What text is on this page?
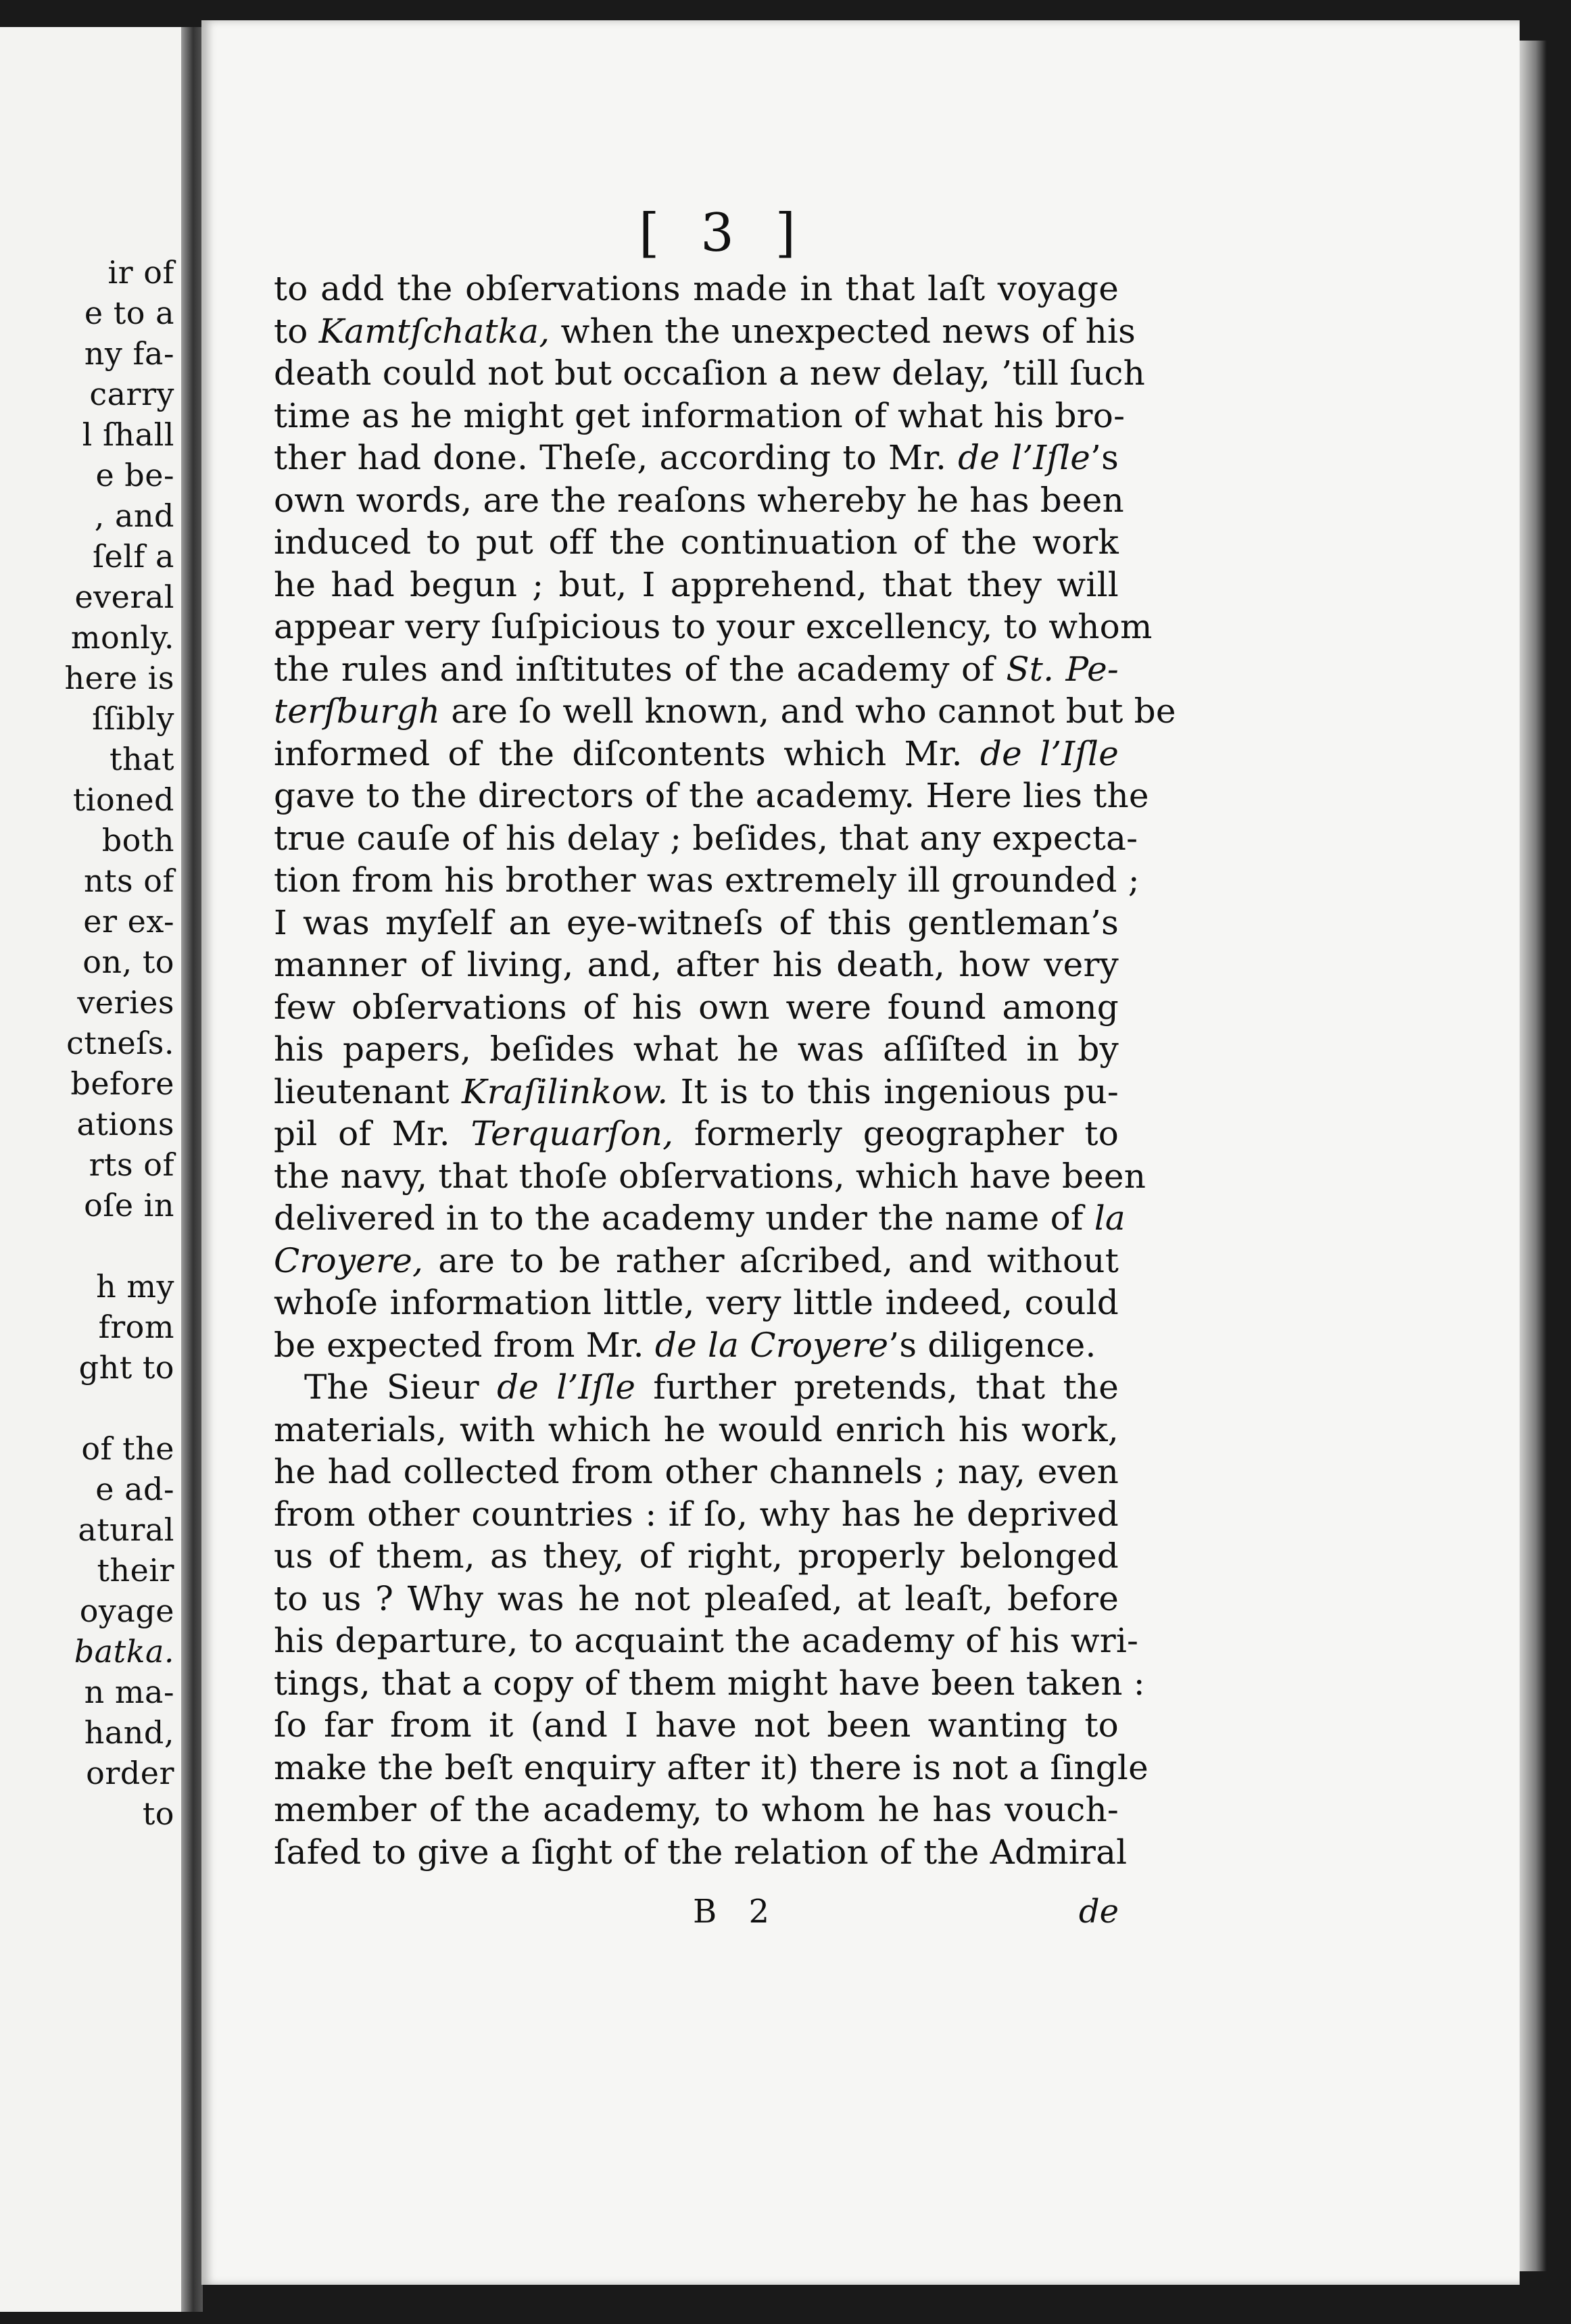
ir of
e to a
ny fa-
carry
l ſhall
e be-
, and
ſelf a
everal
monly.
here is
ſſibly
that
tioned
both
nts of
er ex-
on, to
veries
ctneſs.
before
ations
rts of
oſe in
h my
from
ght to
of the
e ad-
atural
their
oyage
batka.
n ma-
hand,
order
to
[ 3 ]
to add the obſervations made in that laſt voyage
to Kamtſchatka, when the unexpected news of his
death could not but occaſion a new delay, ’till ſuch
time as he might get information of what his bro-
ther had done. Theſe, according to Mr. de l’Iſle’s
own words, are the reaſons whereby he has been
induced to put off the continuation of the work
he had begun ; but, I apprehend, that they will
appear very ſuſpicious to your excellency, to whom
the rules and inſtitutes of the academy of St. Pe-
terſburgh are ſo well known, and who cannot but be
informed of the diſcontents which Mr. de l’Iſle
gave to the directors of the academy. Here lies the
true cauſe of his delay ; beſides, that any expecta-
tion from his brother was extremely ill grounded ;
I was myſelf an eye-witneſs of this gentleman’s
manner of living, and, after his death, how very
few obſervations of his own were found among
his papers, beſides what he was aſſiſted in by
lieutenant Kraſilinkow. It is to this ingenious pu-
pil of Mr. Terquarſon, formerly geographer to
the navy, that thoſe obſervations, which have been
delivered in to the academy under the name of la
Croyere, are to be rather aſcribed, and without
whoſe information little, very little indeed, could
be expected from Mr. de la Croyere’s diligence.
The Sieur de l’Iſle further pretends, that the
materials, with which he would enrich his work,
he had collected from other channels ; nay, even
from other countries : if ſo, why has he deprived
us of them, as they, of right, properly belonged
to us ? Why was he not pleaſed, at leaſt, before
his departure, to acquaint the academy of his wri-
tings, that a copy of them might have been taken :
ſo far from it (and I have not been wanting to
make the beſt enquiry after it) there is not a ſingle
member of the academy, to whom he has vouch-
ſafed to give a ſight of the relation of the Admiral
B 2	de
